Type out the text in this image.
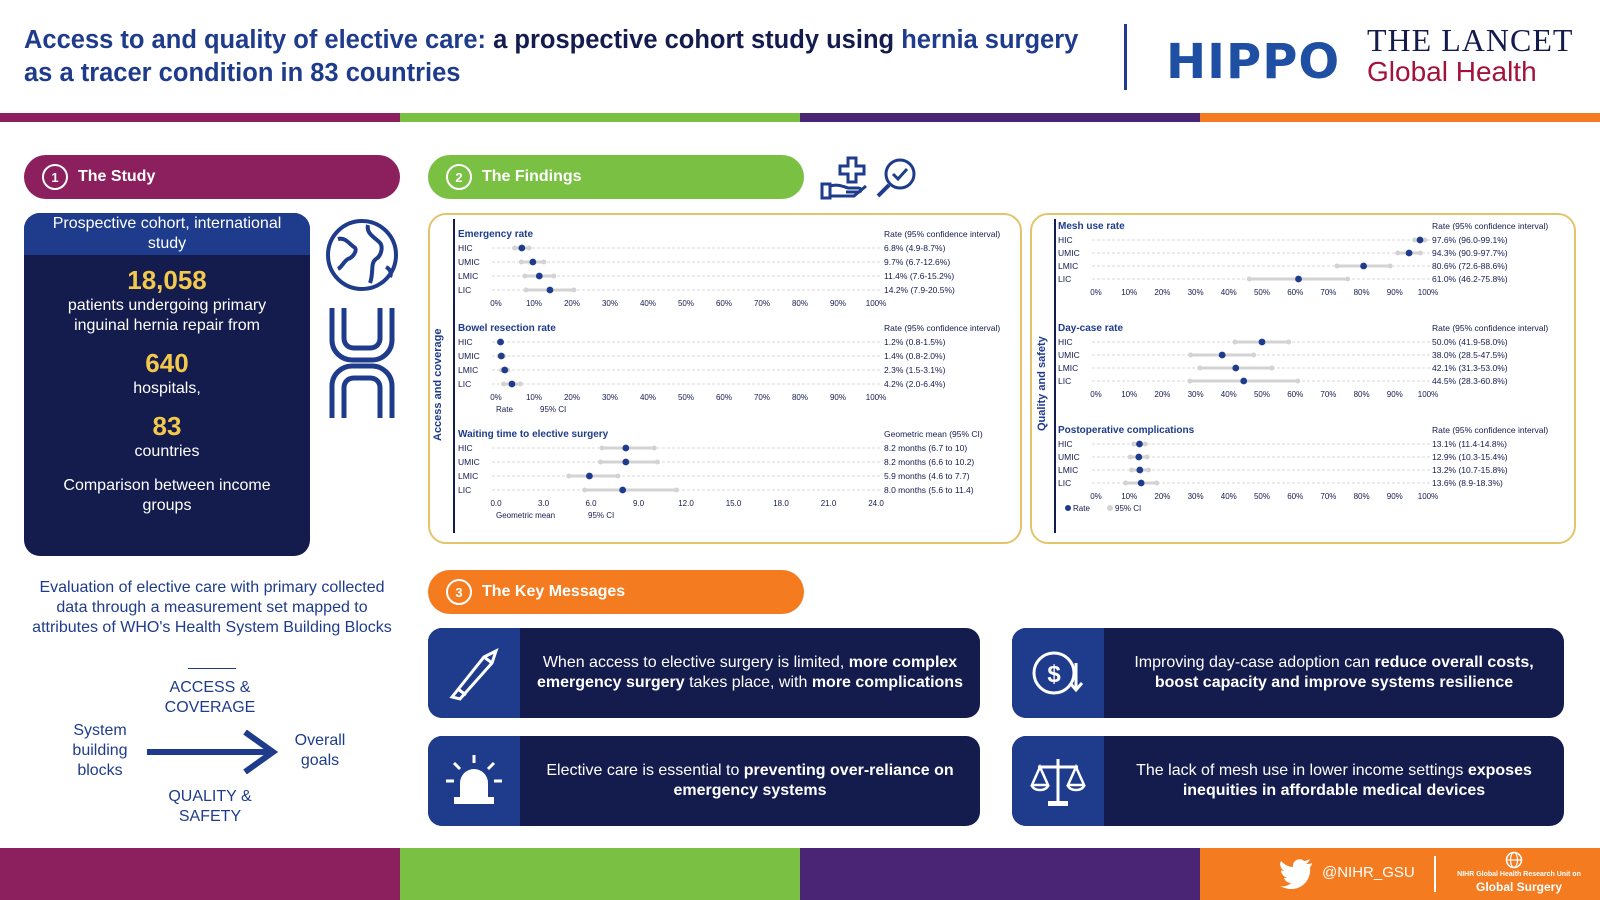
Access to and quality of elective care: a prospective cohort study using hernia surgery as a tracer condition in 83 countries	HIPPO THE LANCET
Global Health
1	The Study
Prospective cohort, international study
18,058
patients undergoing primary inguinal hernia repair from
640
hospitals,
83
countries
Comparison between income groups
Evaluation of elective care with primary collected data through a measurement set mapped to attributes of WHO's Health System Building Blocks
ACCESS & COVERAGE
System building blocks
Overall goals
QUALITY & SAFETY
2	The Findings
Access and coverage	Quality and safety
Emergency rate	Rate (95% confidence interval)
HIC	6.8% (4.9-8.7%)
UMIC	9.7% (6.7-12.6%)
LMIC	11.4% (7.6-15.2%)
LIC	14.2% (7.9-20.5%)
0%	10%	20%	30%	40%	50%	60%	70%	80%	90% 100%
Bowel resection rate	Rate (95% confidence interval)
HIC	1.2% (0.8-1.5%)
UMIC	1.4% (0.8-2.0%)
LMIC	2.3% (1.5-3.1%)
LIC	4.2% (2.0-6.4%)
0%	10%	20%	30%	40%	50%	60%	70%	80%	90% 100%
Rate	95% CI
Waiting time to elective surgery	Geometric mean (95% CI)
HIC	8.2 months (6.7 to 10)
UMIC	8.2 months (6.6 to 10.2)
LMIC	5.9 months (4.6 to 7.7)
LIC	8.0 months (5.6 to 11.4)
0.0	3.0	6.0	9.0	12.0	15.0	18.0	21.0	24.0
Geometric mean	95% CI
Mesh use rate	Rate (95% confidence interval)
HIC	97.6% (96.0-99.1%)
UMIC	94.3% (90.9-97.7%)
LMIC	80.6% (72.6-88.6%)
LIC	61.0% (46.2-75.8%)
0% 10% 20% 30% 40% 50% 60% 70% 80% 90% 100%
Day-case rate	Rate (95% confidence interval)
HIC	50.0% (41.9-58.0%)
UMIC	38.0% (28.5-47.5%)
LMIC	42.1% (31.3-53.0%)
LIC	44.5% (28.3-60.8%)
0% 10% 20% 30% 40% 50% 60% 70% 80% 90% 100%
Postoperative complications	Rate (95% confidence interval)
HIC	13.1% (11.4-14.8%)
UMIC	12.9% (10.3-15.4%)
LMIC	13.2% (10.7-15.8%)
LIC	13.6% (8.9-18.3%)
0% 10% 20% 30% 40% 50% 60% 70% 80% 90% 100%
Rate	95% CI
3	The Key Messages
When access to elective surgery is limited, more complex emergency surgery takes place, with more complications	$	Improving day-case adoption can reduce overall costs, boost capacity and improve systems resilience
Elective care is essential to preventing over-reliance on emergency systems
The lack of mesh use in lower income settings exposes inequities in affordable medical devices
@NIHR_GSU	NIHR Global Health Research Unit on
Global Surgery
